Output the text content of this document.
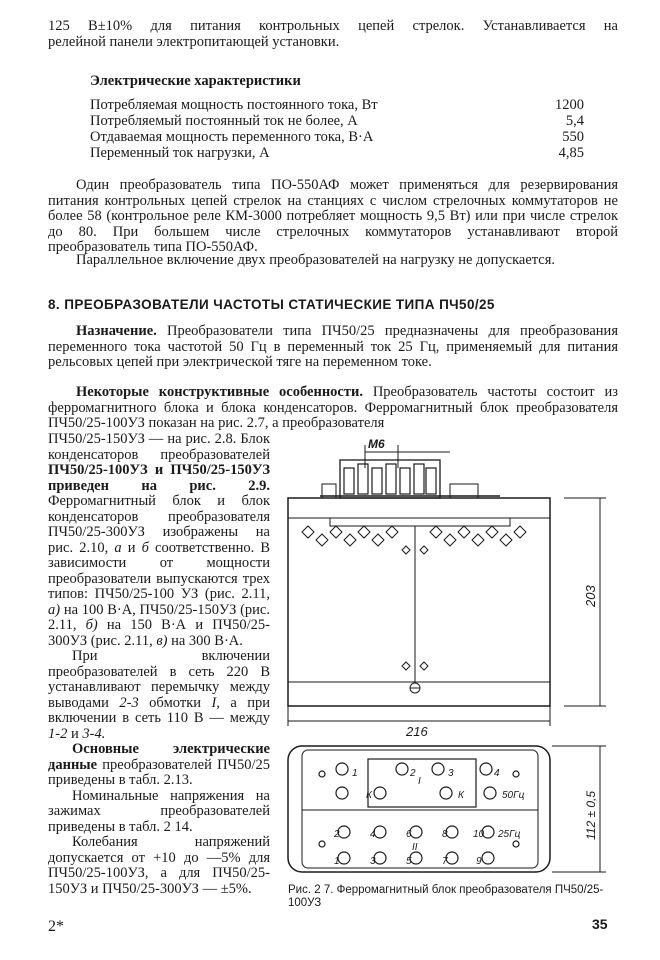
125 В±10% для питания контрольных цепей стрелок. Устанавливается на
релейной панели электропитающей установки.
Электрические характеристики
Потребляемая мощность постоянного тока, Вт	1200
Потребляемый постоянный ток не более, А	5,4
Отдаваемая мощность переменного тока, В·А	550
Переменный ток нагрузки, А	4,85

Один преобразователь типа ПО-550АФ может применяться для резервирования питания контрольных цепей стрелок на станциях с числом стрелочных коммутаторов не более 58 (контрольное реле КМ-3000 потребляет мощность 9,5 Вт) или при числе стрелок до 80. При большем числе стрелочных коммутаторов устанавливают второй преобразователь типа ПО-550АФ.

Параллельное включение двух преобразователей на нагрузку не допускается.

8. ПРЕОБРАЗОВАТЕЛИ ЧАСТОТЫ СТАТИЧЕСКИЕ ТИПА ПЧ50/25

Назначение. Преобразователи типа ПЧ50/25 предназначены для преобразования переменного тока частотой 50 Гц в переменный ток 25 Гц, применяемый для питания рельсовых цепей при электрической тяге на переменном токе.

Некоторые конструктивные особенности. Преобразователь частоты состоит из ферромагнитного блока и блока конденсаторов. Ферромагнитный блок преобразователя ПЧ50/25-100УЗ показан на рис. 2.7, а преобразователя

ПЧ50/25-150УЗ — на рис. 2.8. Блок конденсаторов преобразователей ПЧ50/25-100УЗ и ПЧ50/25-150УЗ приведен на рис. 2.9. Ферромагнитный блок и блок конденсаторов преобразователя ПЧ50/25-300УЗ изображены на рис. 2.10, а и б соответственно. В зависимости от мощности преобразователи выпускаются трех типов: ПЧ50/25-100 УЗ (рис. 2.11, а) на 100 В·А, ПЧ50/25-150УЗ (рис. 2.11, б) на 150 В·А и ПЧ50/25-300УЗ (рис. 2.11, в) на 300 В·А.

При включении преобразователей в сеть 220 В устанавливают перемычку между выводами 2-3 обмотки I, а при включении в сеть 110 В — между 1-2 и 3-4.

Основные электрические данные преобразователей ПЧ50/25 приведены в табл. 2.13.

Номинальные напряжения на зажимах преобразователей приведены в табл. 2 14.

Колебания напряжений допускается от +10 до —5% для ПЧ50/25-100УЗ, а для ПЧ50/25-150УЗ и ПЧ50/25-300УЗ — ±5%.

М6
203
216
112 ± 0,5
1	2	3	4
I
К	К	50Гц
2	4	6	8	10 25Гц
II
1	3	5	7	9
Рис. 2 7. Ферромагнитный блок преобразователя ПЧ50/25-100УЗ
2*	35
